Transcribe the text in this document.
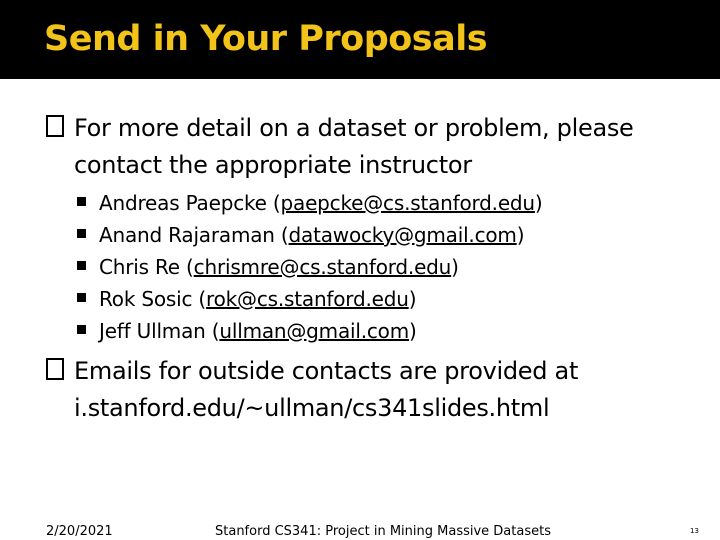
Send in Your Proposals

For more detail on a dataset or problem, please contact the appropriate instructor

Andreas Paepcke (paepcke@cs.stanford.edu)
Anand Rajaraman (datawocky@gmail.com)
Chris Re (chrismre@cs.stanford.edu)
Rok Sosic (rok@cs.stanford.edu)
Jeff Ullman (ullman@gmail.com)

Emails for outside contacts are provided at i.stanford.edu/~ullman/cs341slides.html

2/20/2021	Stanford CS341: Project in Mining Massive Datasets	13
